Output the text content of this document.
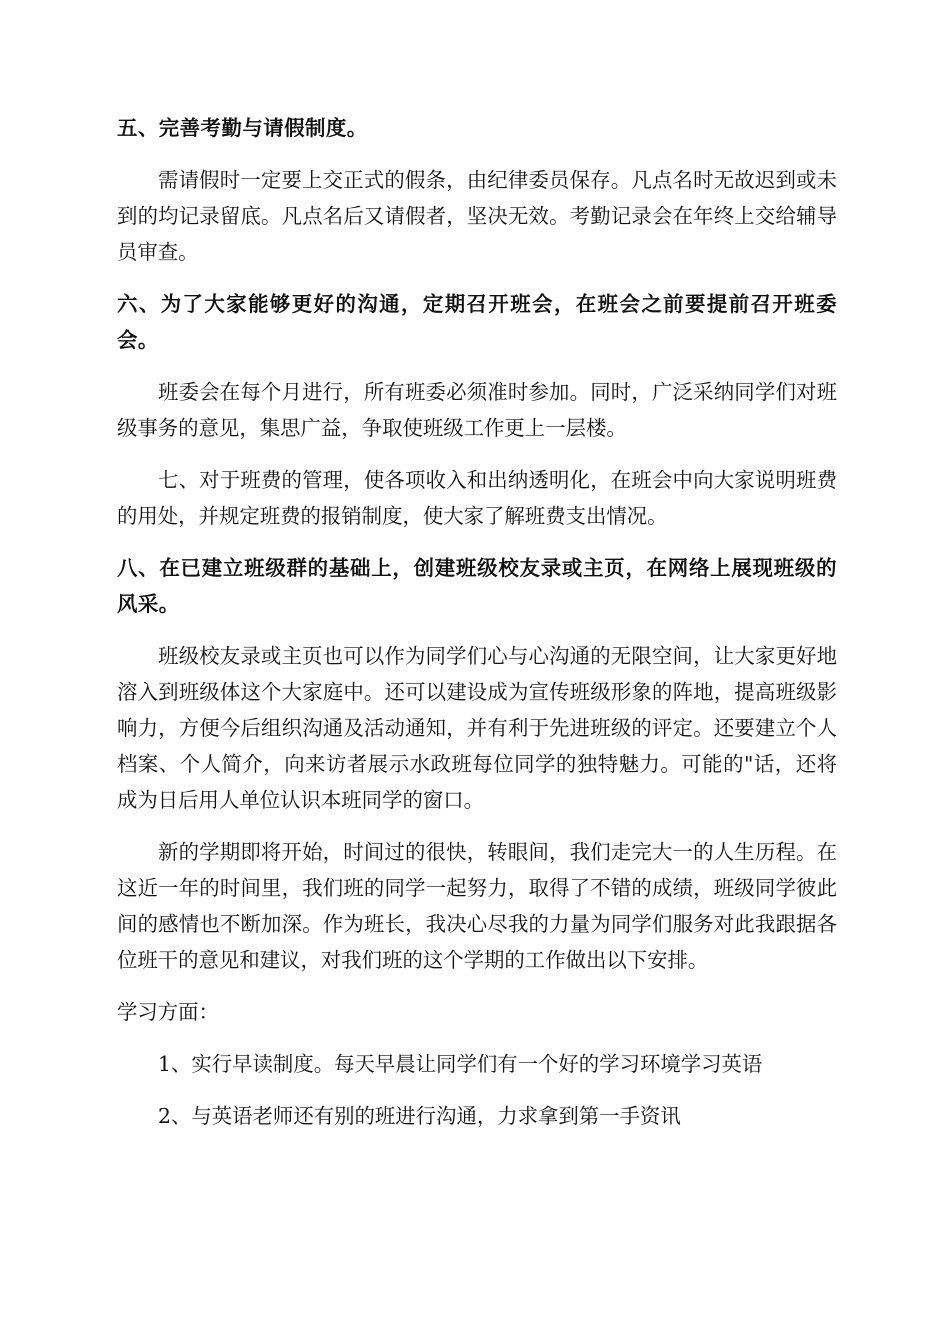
五、完善考勤与请假制度。

需请假时一定要上交正式的假条，由纪律委员保存。凡点名时无故迟到或未到的均记录留底。凡点名后又请假者，坚决无效。考勤记录会在年终上交给辅导员审查。

六、为了大家能够更好的沟通，定期召开班会，在班会之前要提前召开班委会。

班委会在每个月进行，所有班委必须准时参加。同时，广泛采纳同学们对班级事务的意见，集思广益，争取使班级工作更上一层楼。

七、对于班费的管理，使各项收入和出纳透明化，在班会中向大家说明班费的用处，并规定班费的报销制度，使大家了解班费支出情况。

八、在已建立班级群的基础上，创建班级校友录或主页，在网络上展现班级的风采。

班级校友录或主页也可以作为同学们心与心沟通的无限空间，让大家更好地溶入到班级体这个大家庭中。还可以建设成为宣传班级形象的阵地，提高班级影响力，方便今后组织沟通及活动通知，并有利于先进班级的评定。还要建立个人档案、个人简介，向来访者展示水政班每位同学的独特魅力。可能的"话，还将成为日后用人单位认识本班同学的窗口。

新的学期即将开始，时间过的很快，转眼间，我们走完大一的人生历程。在这近一年的时间里，我们班的同学一起努力，取得了不错的成绩，班级同学彼此间的感情也不断加深。作为班长，我决心尽我的力量为同学们服务对此我跟据各位班干的意见和建议，对我们班的这个学期的工作做出以下安排。

学习方面：

1、实行早读制度。每天早晨让同学们有一个好的学习环境学习英语

2、与英语老师还有别的班进行沟通，力求拿到第一手资讯
